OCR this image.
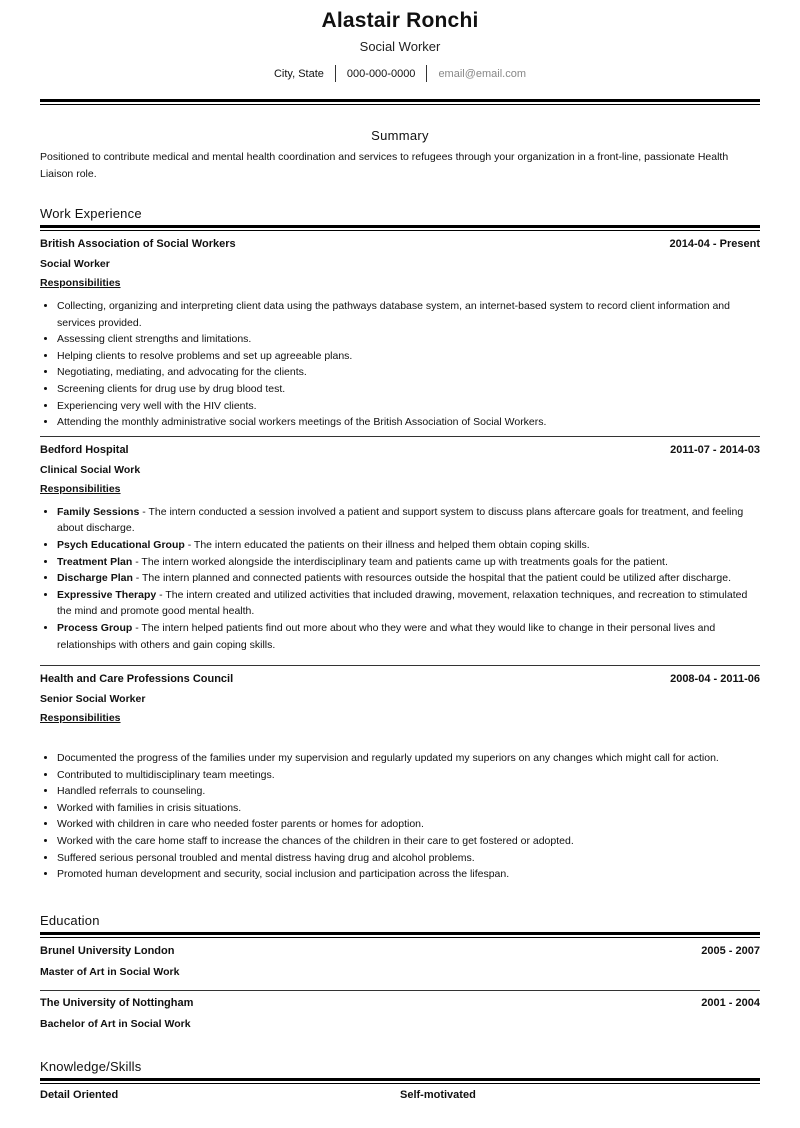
Alastair Ronchi
Social Worker
City, State	000-000-0000	email@email.com
Summary
Positioned to contribute medical and mental health coordination and services to refugees through your organization in a front-line, passionate Health Liaison role.
Work Experience
British Association of Social Workers	2014-04 - Present
Social Worker
Responsibilities
• Collecting, organizing and interpreting client data using the pathways database system, an internet-based system to record client information and services provided.
• Assessing client strengths and limitations.
• Helping clients to resolve problems and set up agreeable plans.
• Negotiating, mediating, and advocating for the clients.
• Screening clients for drug use by drug blood test.
• Experiencing very well with the HIV clients.
• Attending the monthly administrative social workers meetings of the British Association of Social Workers.
Bedford Hospital	2011-07 - 2014-03
Clinical Social Work
Responsibilities
• Family Sessions - The intern conducted a session involved a patient and support system to discuss plans aftercare goals for treatment, and feeling about discharge.
• Psych Educational Group - The intern educated the patients on their illness and helped them obtain coping skills.
• Treatment Plan - The intern worked alongside the interdisciplinary team and patients came up with treatments goals for the patient.
• Discharge Plan - The intern planned and connected patients with resources outside the hospital that the patient could be utilized after discharge.
• Expressive Therapy - The intern created and utilized activities that included drawing, movement, relaxation techniques, and recreation to stimulated the mind and promote good mental health.
• Process Group - The intern helped patients find out more about who they were and what they would like to change in their personal lives and relationships with others and gain coping skills.
Health and Care Professions Council	2008-04 - 2011-06
Senior Social Worker
Responsibilities
• Documented the progress of the families under my supervision and regularly updated my superiors on any changes which might call for action.
• Contributed to multidisciplinary team meetings.
• Handled referrals to counseling.
• Worked with families in crisis situations.
• Worked with children in care who needed foster parents or homes for adoption.
• Worked with the care home staff to increase the chances of the children in their care to get fostered or adopted.
• Suffered serious personal troubled and mental distress having drug and alcohol problems.
• Promoted human development and security, social inclusion and participation across the lifespan.
Education
Brunel University London	2005 - 2007
Master of Art in Social Work
The University of Nottingham	2001 - 2004
Bachelor of Art in Social Work
Knowledge/Skills
Detail Oriented	Self-motivated
